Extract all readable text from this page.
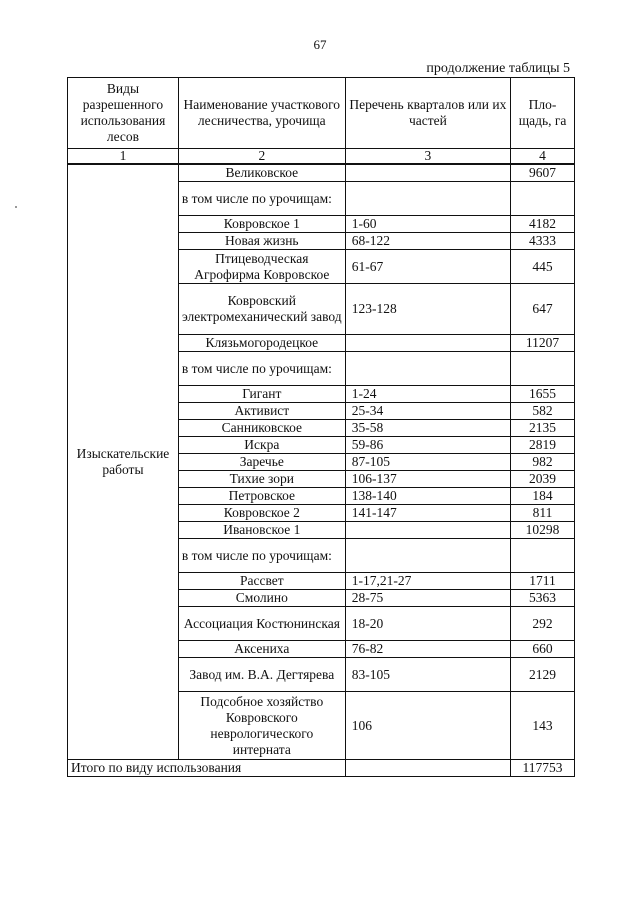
67
продолжение таблицы 5
Виды разрешенного использования лесов	Наименование участкового лесничества, урочища	Перечень кварталов или их частей	Пло-щадь, га
1	2	3	4
Изыскательские работы	Великовское		9607
	в том числе по урочищам:		
	Ковровское 1	1-60	4182
	Новая жизнь	68-122	4333
	Птицеводческая Агрофирма Ковровское	61-67	445
	Ковровский электромеханический завод	123-128	647
	Клязьмогородецкое		11207
	в том числе по урочищам:		
	Гигант	1-24	1655
	Активист	25-34	582
	Санниковское	35-58	2135
	Искра	59-86	2819
	Заречье	87-105	982
	Тихие зори	106-137	2039
	Петровское	138-140	184
	Ковровское 2	141-147	811
	Ивановское 1		10298
	в том числе по урочищам:		
	Рассвет	1-17,21-27	1711
	Смолино	28-75	5363
	Ассоциация Костюнинская	18-20	292
	Аксениха	76-82	660
	Завод им. В.А. Дегтярева	83-105	2129
	Подсобное хозяйство Ковровского неврологического интерната	106	143
Итого по виду использования			117753
